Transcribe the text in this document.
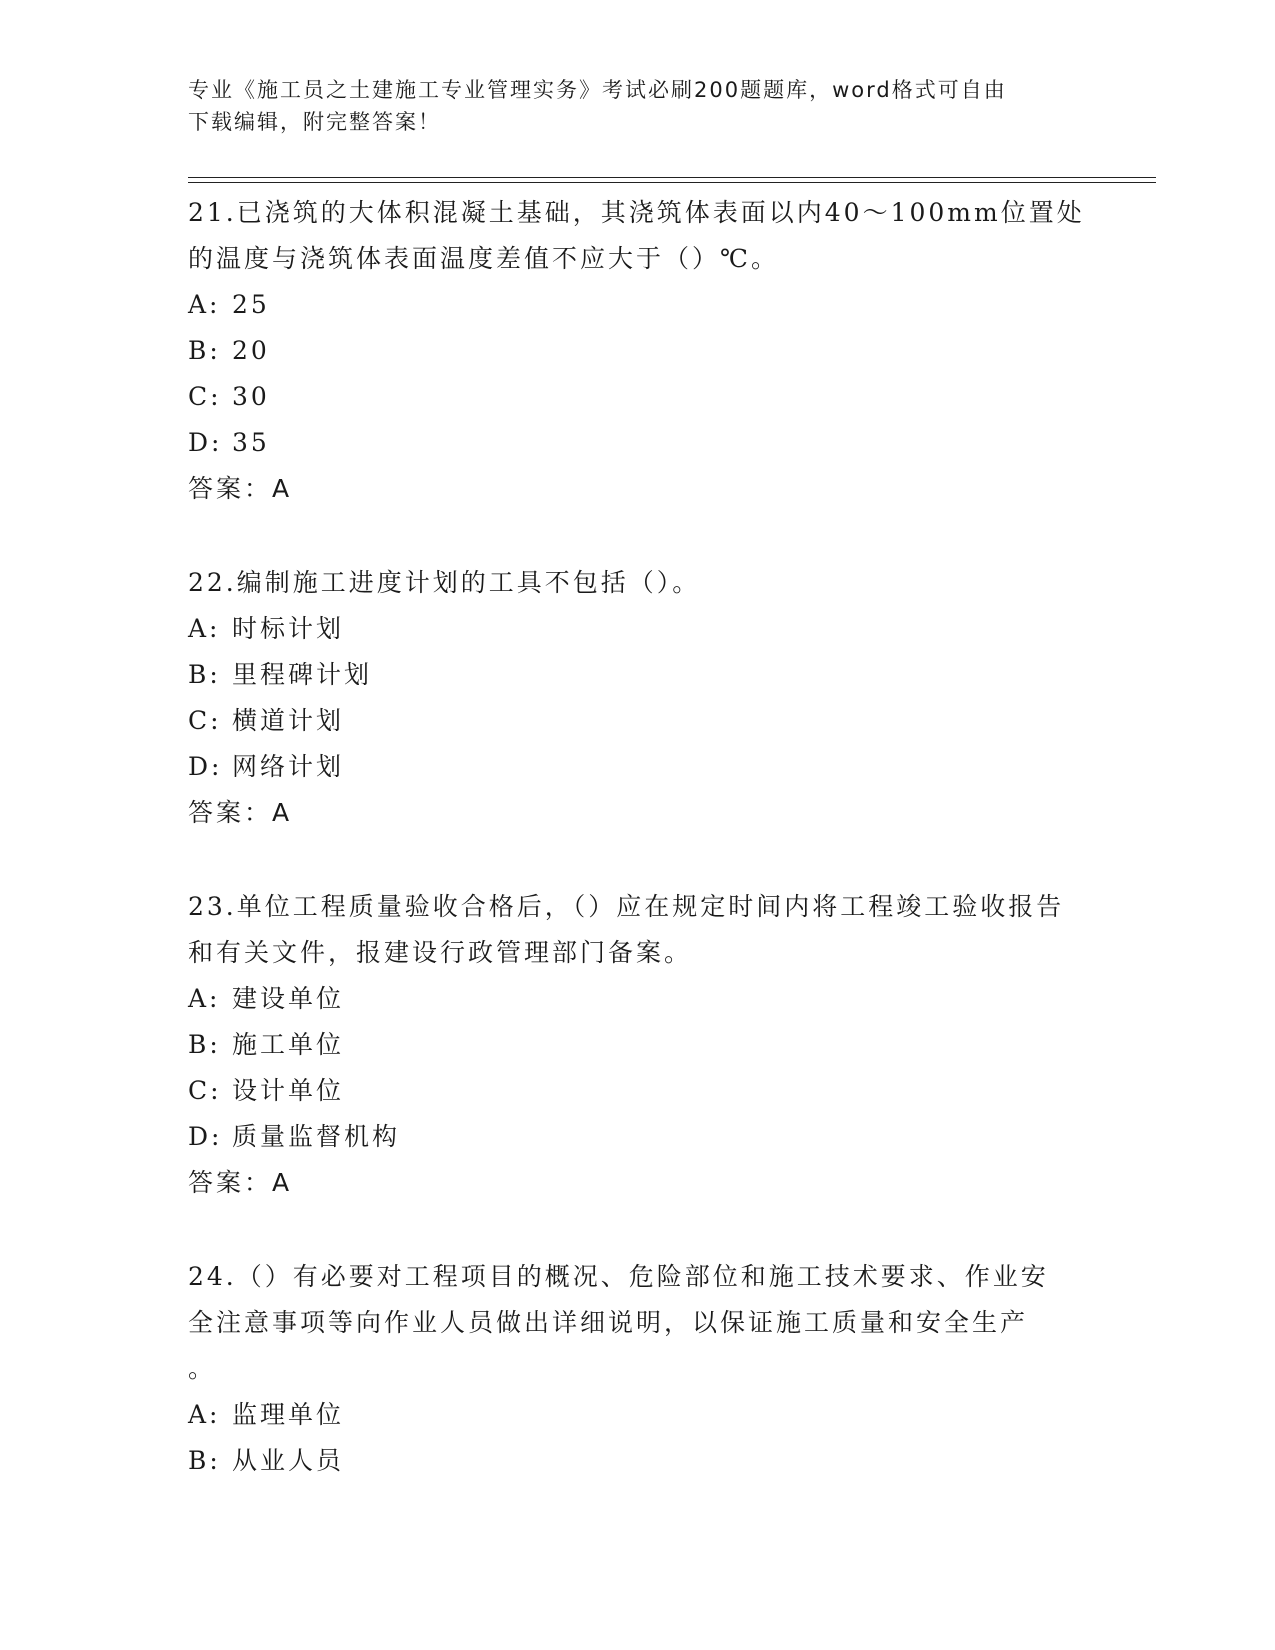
专业《施工员之土建施工专业管理实务》考试必刷200题题库，word格式可自由
下载编辑，附完整答案！
21.已浇筑的大体积混凝土基础，其浇筑体表面以内40～100mm位置处的温度与浇筑体表面温度差值不应大于（）℃。
A: 25
B: 20
C: 30
D: 35
答案：A
22.编制施工进度计划的工具不包括（）。
A: 时标计划
B: 里程碑计划
C: 横道计划
D: 网络计划
答案：A
23.单位工程质量验收合格后，（）应在规定时间内将工程竣工验收报告和有关文件，报建设行政管理部门备案。
A: 建设单位
B: 施工单位
C: 设计单位
D: 质量监督机构
答案：A
24.（）有必要对工程项目的概况、危险部位和施工技术要求、作业安
全注意事项等向作业人员做出详细说明，以保证施工质量和安全生产
。
A: 监理单位
B: 从业人员
